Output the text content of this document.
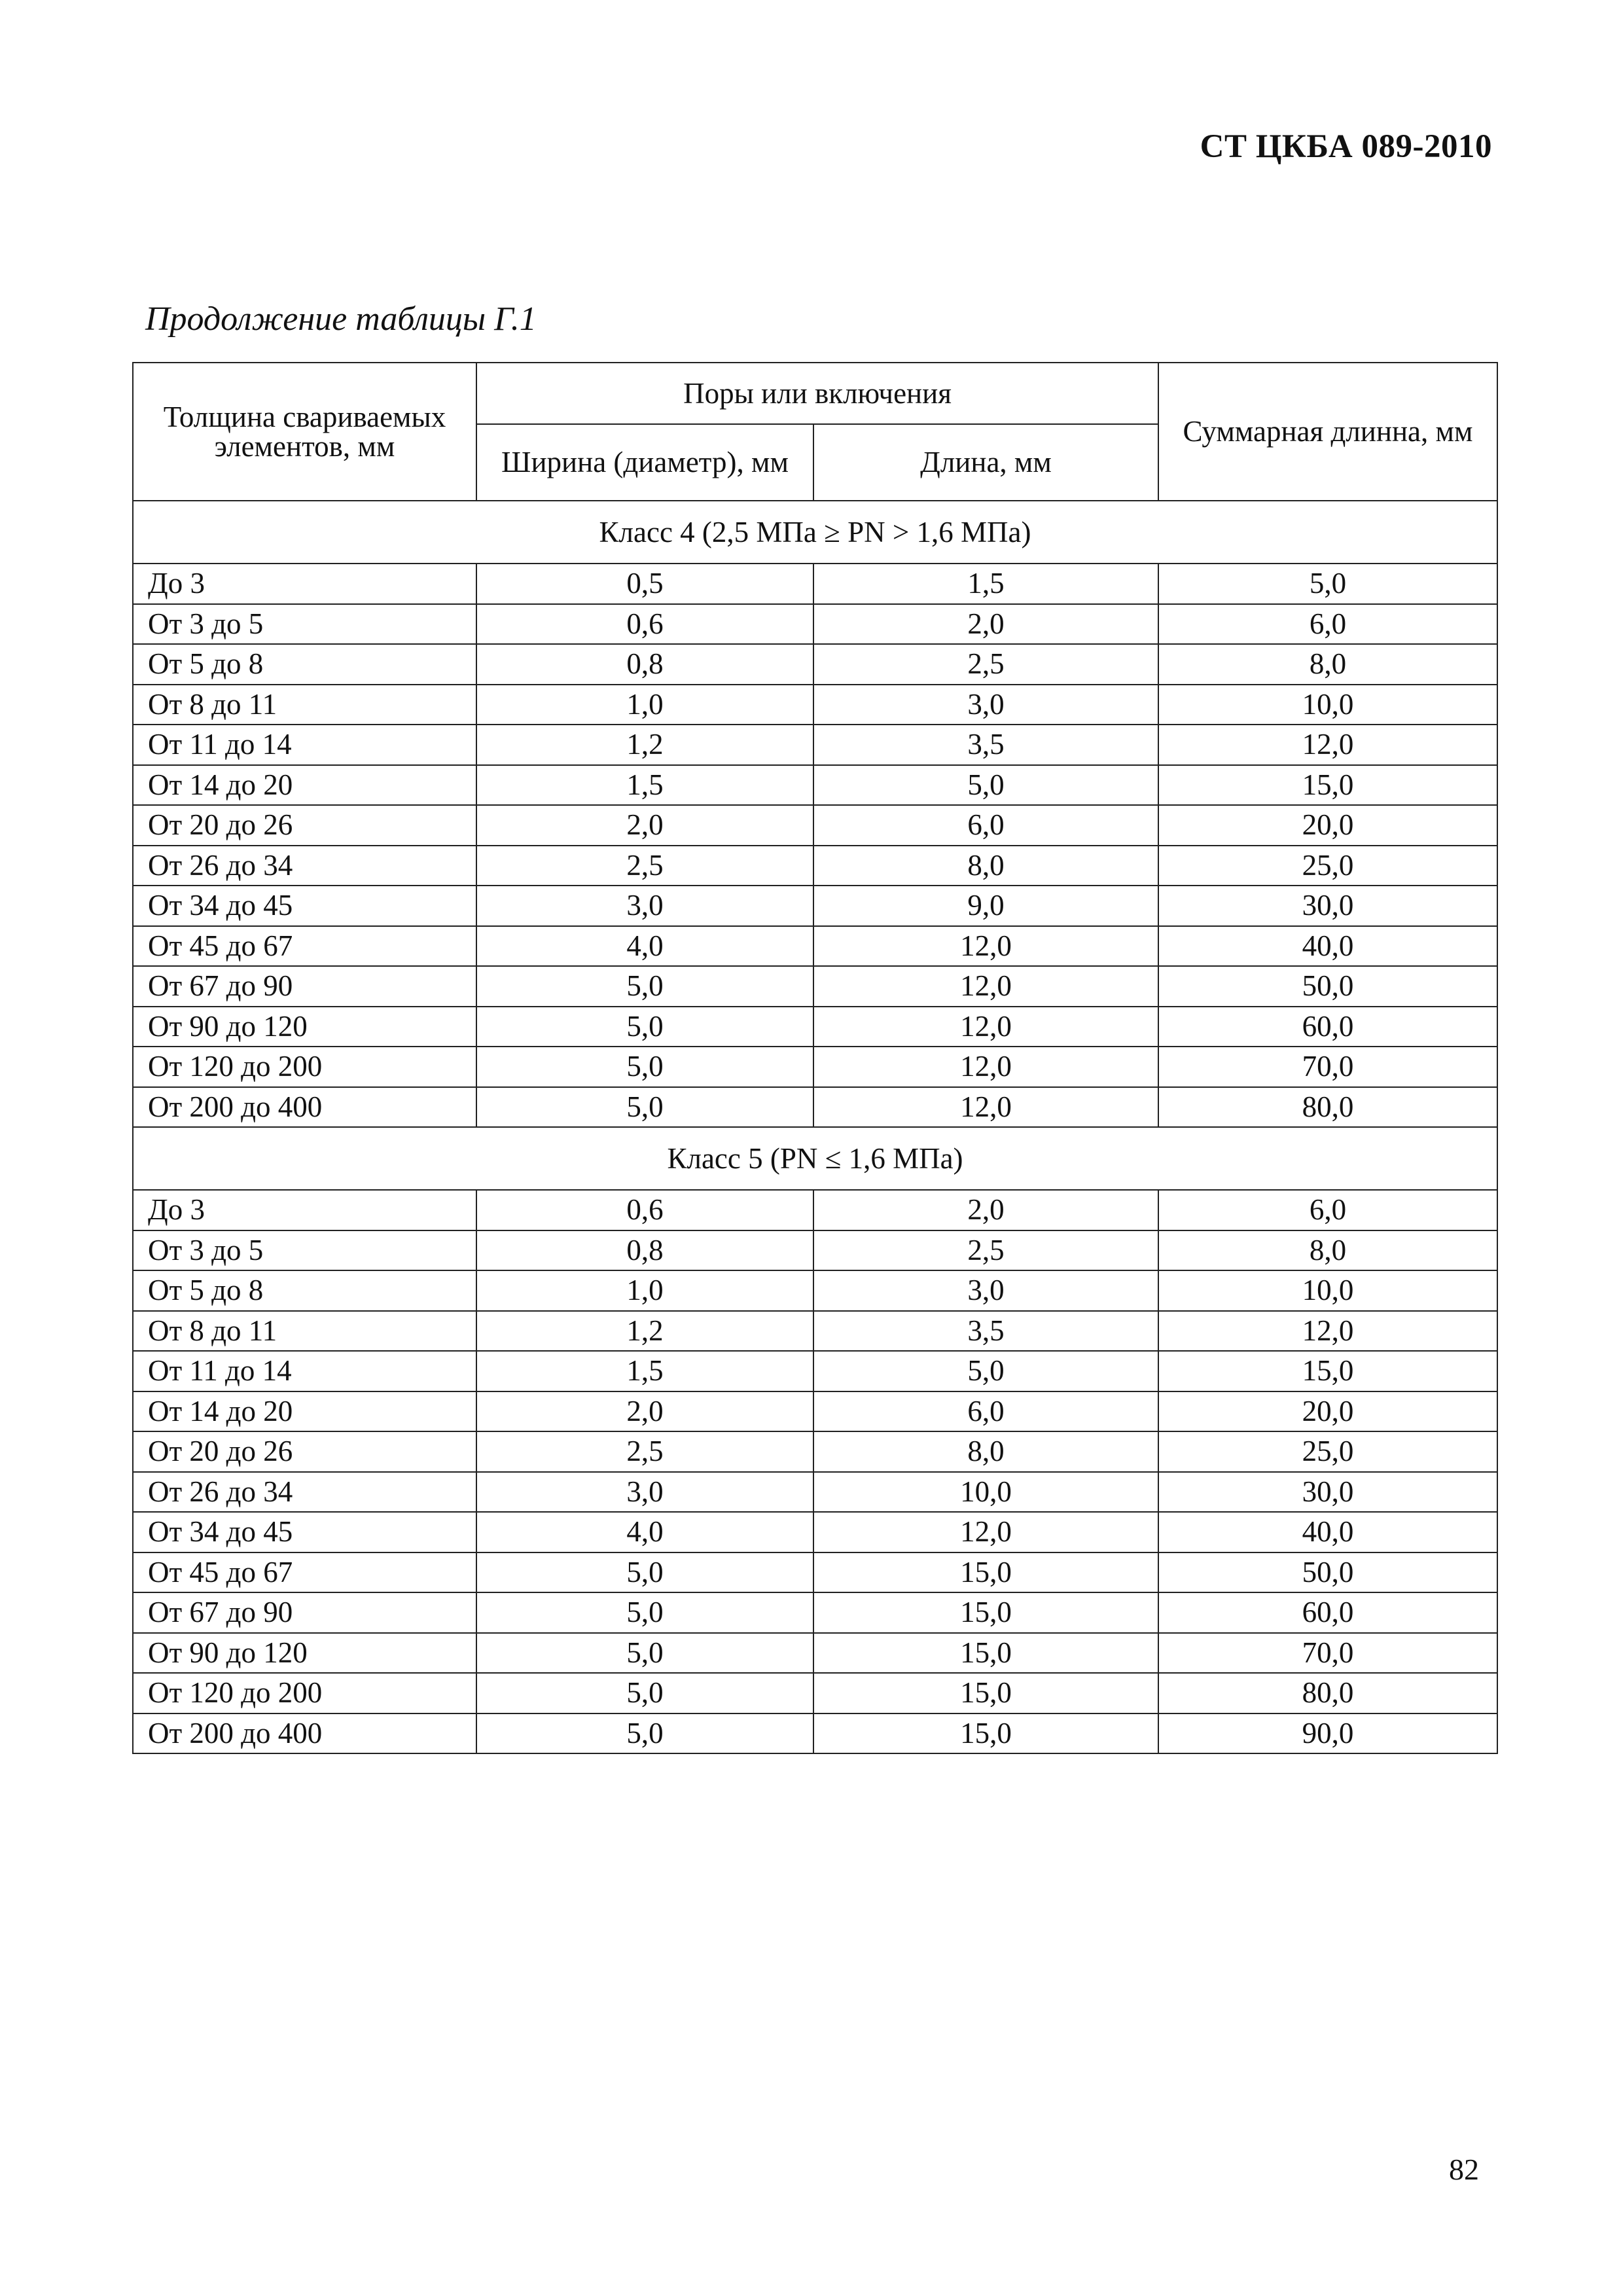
СТ ЦКБА 089-2010
Продолжение таблицы Г.1
Толщина свариваемых элементов, мм	Поры или включения		Суммарная длинна, мм
	Ширина (диаметр), мм	Длина, мм	
Класс 4 (2,5 МПа ≥ PN > 1,6 МПа)			
До 3	0,5	1,5	5,0
От 3 до 5	0,6	2,0	6,0
От 5 до 8	0,8	2,5	8,0
От 8 до 11	1,0	3,0	10,0
От 11 до 14	1,2	3,5	12,0
От 14 до 20	1,5	5,0	15,0
От 20 до 26	2,0	6,0	20,0
От 26 до 34	2,5	8,0	25,0
От 34 до 45	3,0	9,0	30,0
От 45 до 67	4,0	12,0	40,0
От 67 до 90	5,0	12,0	50,0
От 90 до 120	5,0	12,0	60,0
От 120 до 200	5,0	12,0	70,0
От 200 до 400	5,0	12,0	80,0
Класс 5 (PN ≤ 1,6 МПа)			
До 3	0,6	2,0	6,0
От 3 до 5	0,8	2,5	8,0
От 5 до 8	1,0	3,0	10,0
От 8 до 11	1,2	3,5	12,0
От 11 до 14	1,5	5,0	15,0
От 14 до 20	2,0	6,0	20,0
От 20 до 26	2,5	8,0	25,0
От 26 до 34	3,0	10,0	30,0
От 34 до 45	4,0	12,0	40,0
От 45 до 67	5,0	15,0	50,0
От 67 до 90	5,0	15,0	60,0
От 90 до 120	5,0	15,0	70,0
От 120 до 200	5,0	15,0	80,0
От 200 до 400	5,0	15,0	90,0
82
